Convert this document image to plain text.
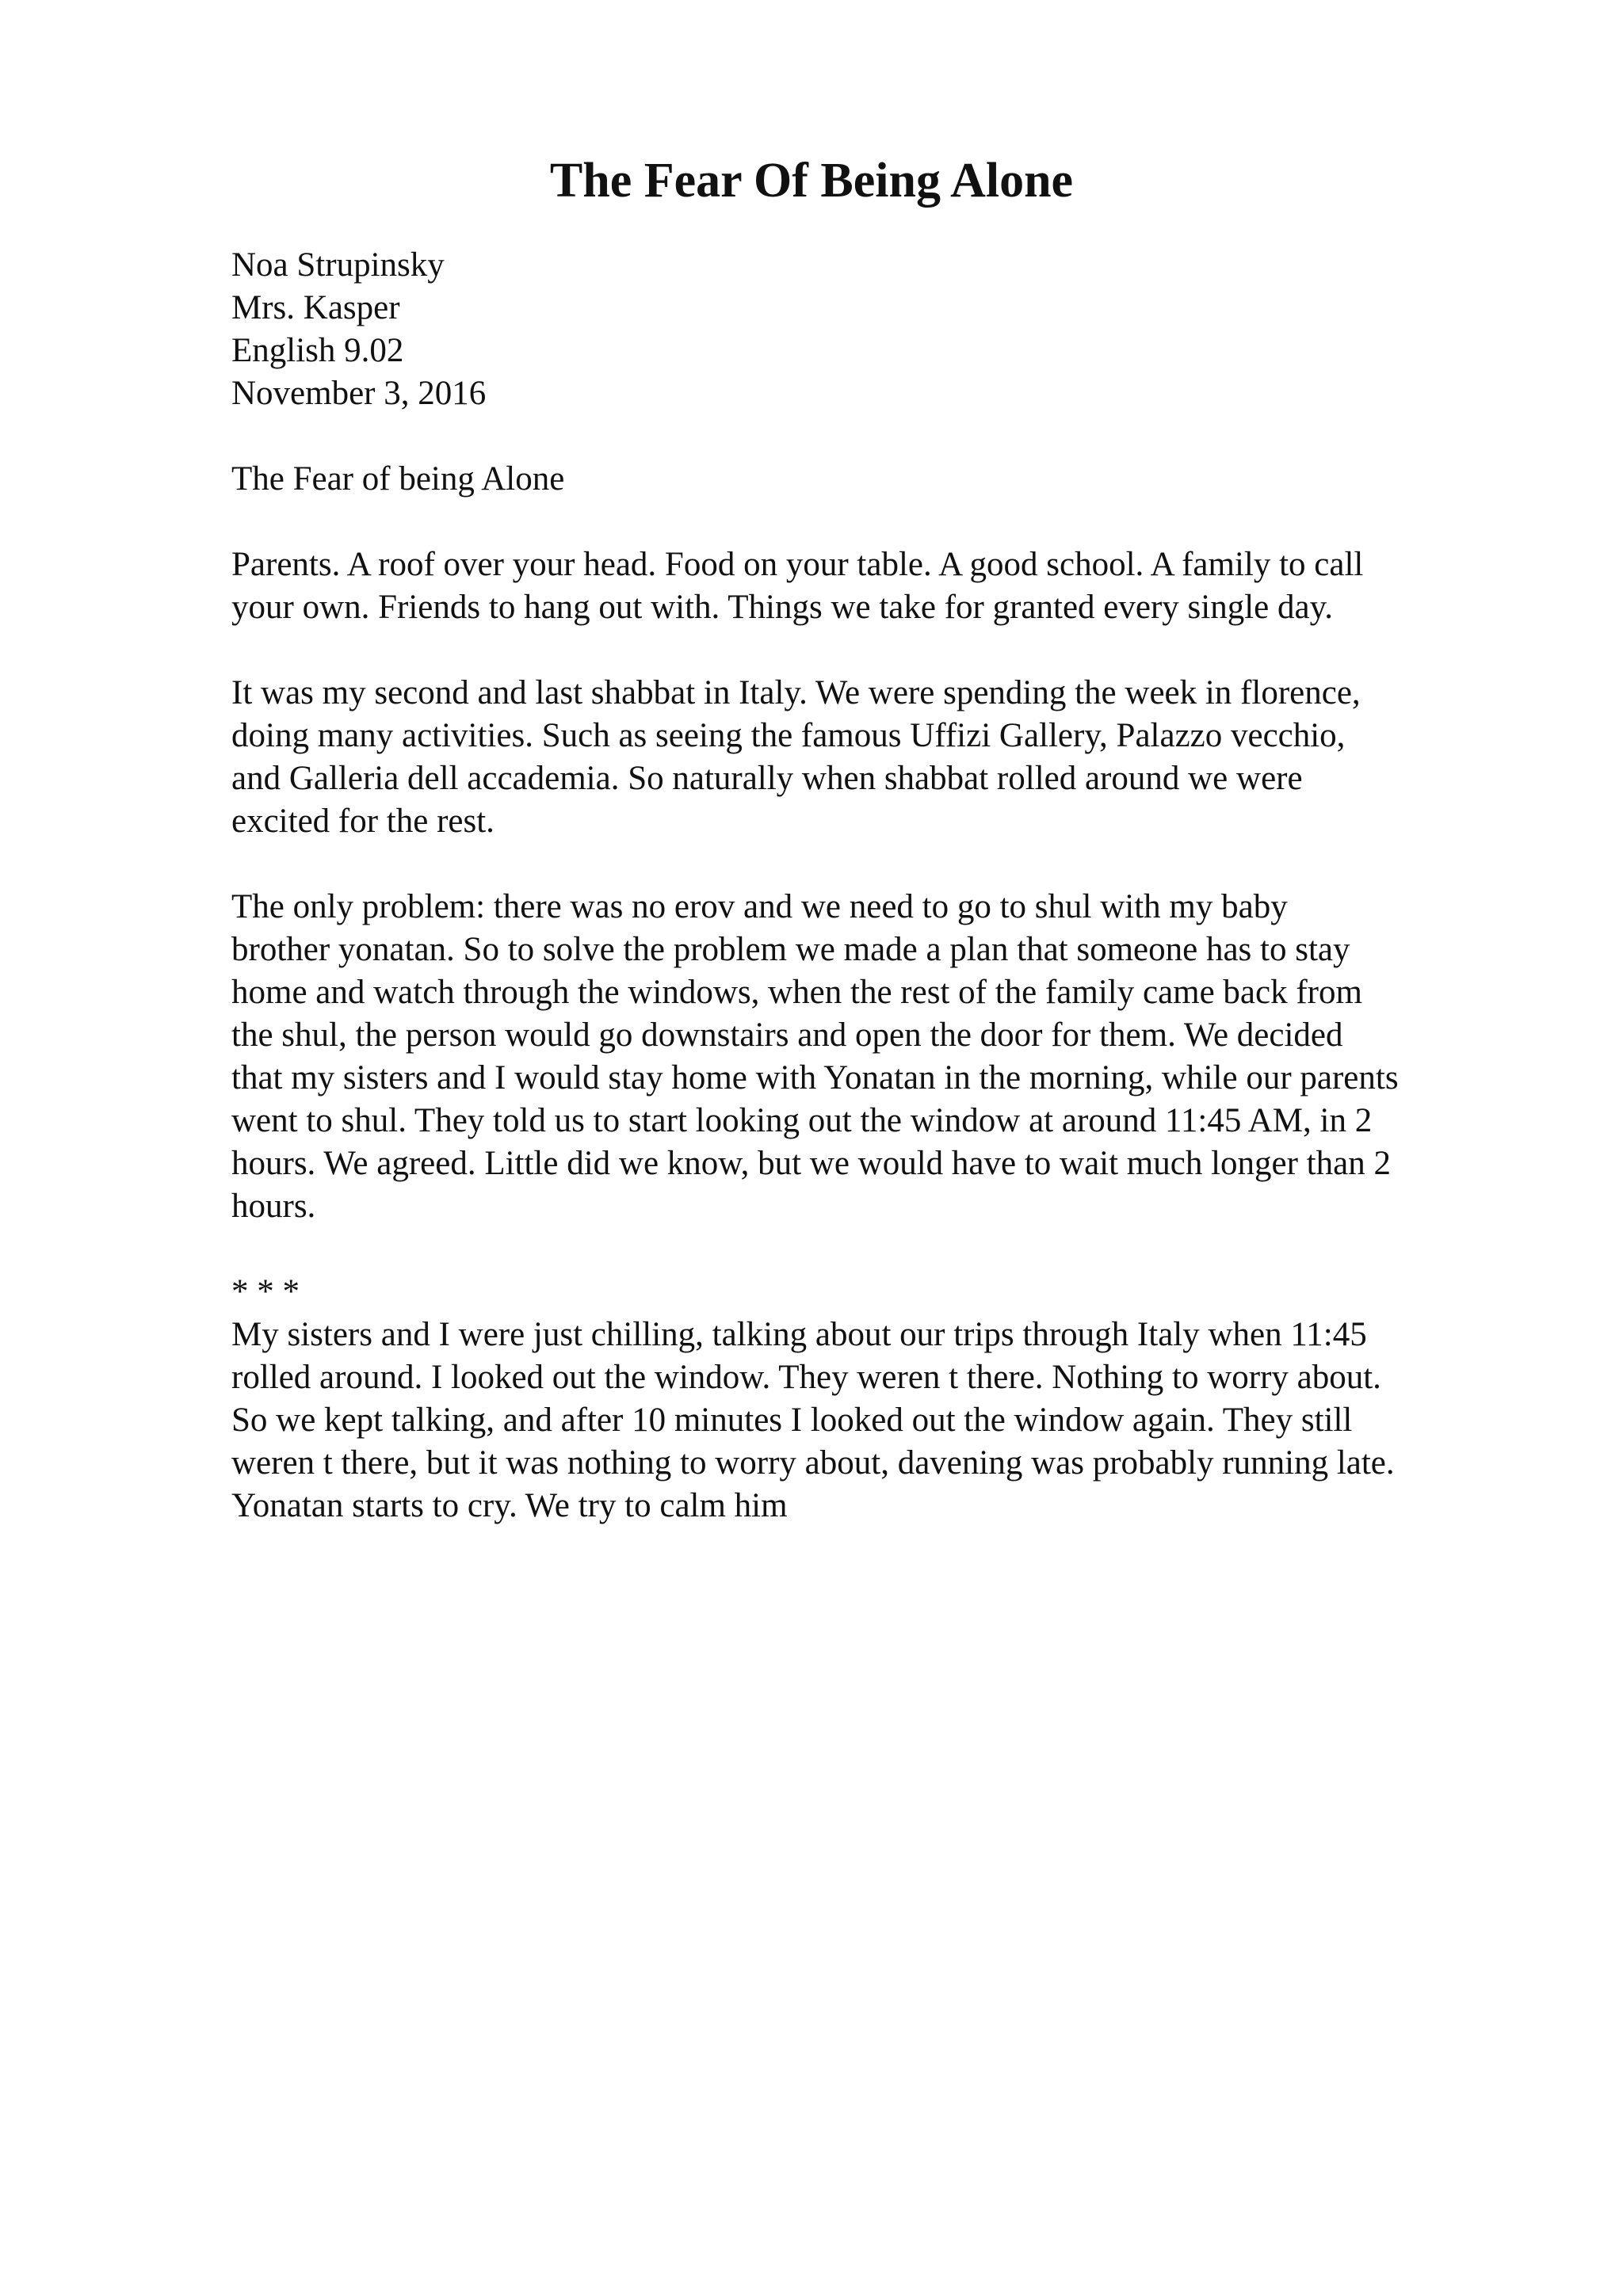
The Fear Of Being Alone
Noa Strupinsky
Mrs. Kasper
English 9.02
November 3, 2016
The Fear of being Alone
Parents. A roof over your head. Food on your table. A good school. A family to call
your own. Friends to hang out with. Things we take for granted every single day.
It was my second and last shabbat in Italy. We were spending the week in florence,
doing many activities. Such as seeing the famous Uffizi Gallery, Palazzo vecchio,
and Galleria dell accademia. So naturally when shabbat rolled around we were
excited for the rest.
The only problem: there was no erov and we need to go to shul with my baby
brother yonatan. So to solve the problem we made a plan that someone has to stay
home and watch through the windows, when the rest of the family came back from
the shul, the person would go downstairs and open the door for them. We decided
that my sisters and I would stay home with Yonatan in the morning, while our parents
went to shul. They told us to start looking out the window at around 11:45 AM, in 2
hours. We agreed. Little did we know, but we would have to wait much longer than 2
hours.
* * *
My sisters and I were just chilling, talking about our trips through Italy when 11:45
rolled around. I looked out the window. They weren t there. Nothing to worry about.
So we kept talking, and after 10 minutes I looked out the window again. They still
weren t there, but it was nothing to worry about, davening was probably running late.
Yonatan starts to cry. We try to calm him
